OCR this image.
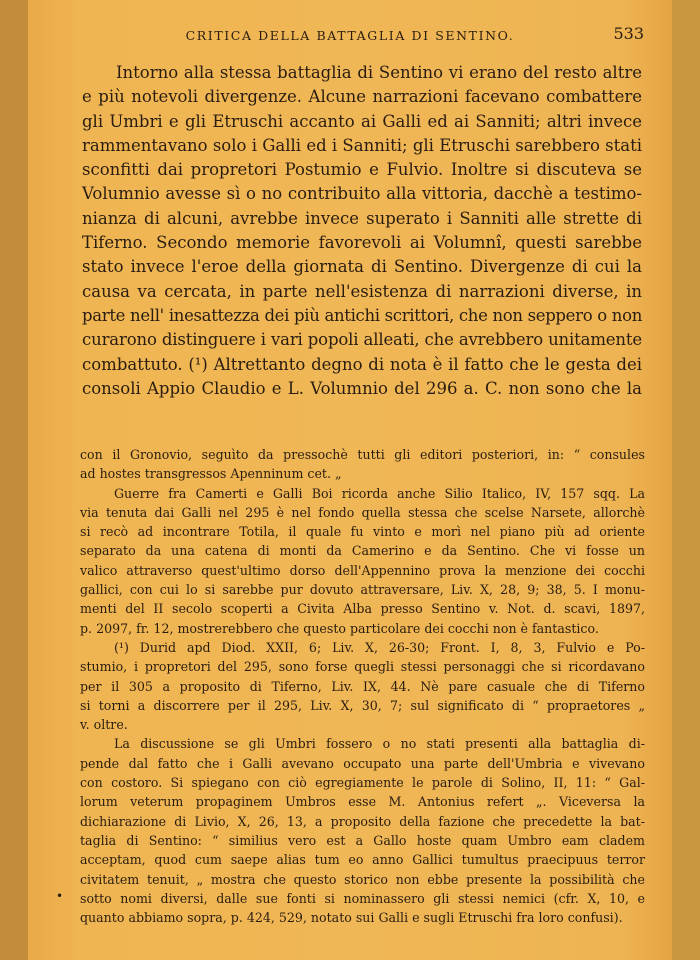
CRITICA DELLA BATTAGLIA DI SENTINO.	533
Intorno alla stessa battaglia di Sentino vi erano del resto altre
e più notevoli divergenze. Alcune narrazioni facevano combattere
gli Umbri e gli Etruschi accanto ai Galli ed ai Sanniti; altri invece
rammentavano solo i Galli ed i Sanniti; gli Etruschi sarebbero stati
sconfitti dai propretori Postumio e Fulvio. Inoltre si discuteva se
Volumnio avesse sì o no contribuito alla vittoria, dacchè a testimo-
nianza di alcuni, avrebbe invece superato i Sanniti alle strette di
Tiferno. Secondo memorie favorevoli ai Volumnî, questi sarebbe
stato invece l'eroe della giornata di Sentino. Divergenze di cui la
causa va cercata, in parte nell'esistenza di narrazioni diverse, in
parte nell' inesattezza dei più antichi scrittori, che non seppero o non
curarono distinguere i vari popoli alleati, che avrebbero unitamente
combattuto. (¹) Altrettanto degno di nota è il fatto che le gesta dei
consoli Appio Claudio e L. Volumnio del 296 a. C. non sono che la
con il Gronovio, seguìto da pressochè tutti gli editori posteriori, in: “ consules
ad hostes transgressos Apenninum cet. „
Guerre fra Camerti e Galli Boi ricorda anche Silio Italico, IV, 157 sqq. La
via tenuta dai Galli nel 295 è nel fondo quella stessa che scelse Narsete, allorchè
si recò ad incontrare Totila, il quale fu vinto e morì nel piano più ad oriente
separato da una catena di monti da Camerino e da Sentino. Che vi fosse un
valico attraverso quest'ultimo dorso dell'Appennino prova la menzione dei cocchi
gallici, con cui lo si sarebbe pur dovuto attraversare, Liv. X, 28, 9; 38, 5. I monu-
menti del II secolo scoperti a Civita Alba presso Sentino v. Not. d. scavi, 1897,
p. 2097, fr. 12, mostrerebbero che questo particolare dei cocchi non è fantastico.
(¹) Durid apd Diod. XXII, 6; Liv. X, 26-30; Front. I, 8, 3, Fulvio e Po-
stumio, i propretori del 295, sono forse quegli stessi personaggi che si ricordavano
per il 305 a proposito di Tiferno, Liv. IX, 44. Nè pare casuale che di Tiferno
si torni a discorrere per il 295, Liv. X, 30, 7; sul significato di “ propraetores „
v. oltre.
La discussione se gli Umbri fossero o no stati presenti alla battaglia di-
pende dal fatto che i Galli avevano occupato una parte dell'Umbria e vivevano
con costoro. Si spiegano con ciò egregiamente le parole di Solino, II, 11: “ Gal-
lorum veterum propaginem Umbros esse M. Antonius refert „. Viceversa la
dichiarazione di Livio, X, 26, 13, a proposito della fazione che precedette la bat-
taglia di Sentino: “ similius vero est a Gallo hoste quam Umbro eam cladem
acceptam, quod cum saepe alias tum eo anno Gallici tumultus praecipuus terror
civitatem tenuit, „ mostra che questo storico non ebbe presente la possibilità che
sotto nomi diversi, dalle sue fonti si nominassero gli stessi nemici (cfr. X, 10, e
quanto abbiamo sopra, p. 424, 529, notato sui Galli e sugli Etruschi fra loro confusi).
•
